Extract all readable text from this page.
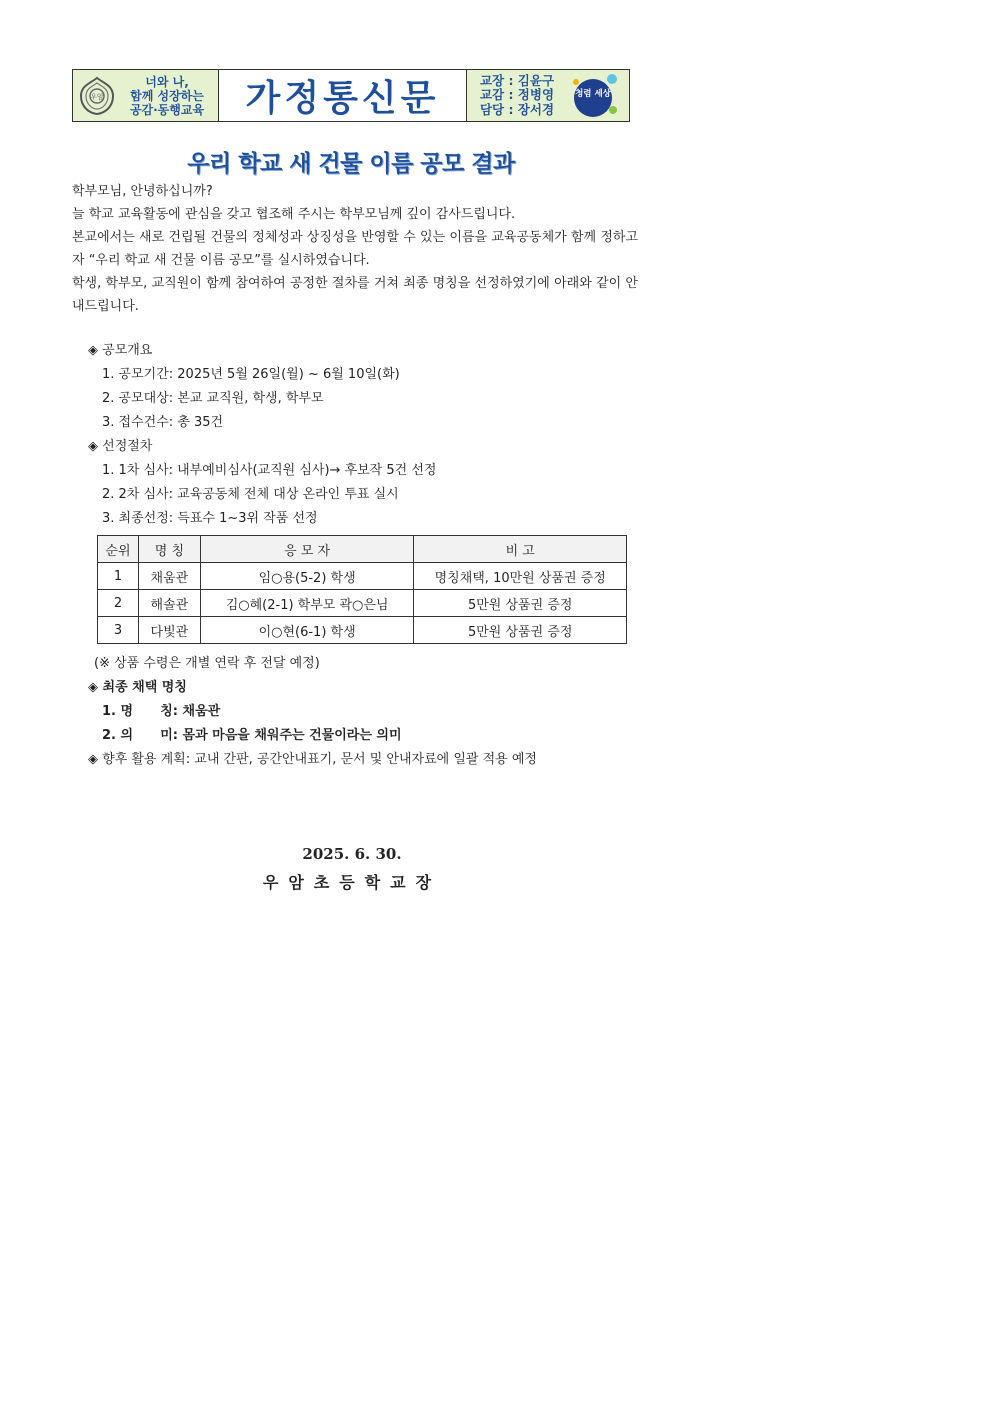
우암
너와 나,
함께 성장하는
공감·동행교육	가정통신문	교장 : 김윤구
교감 : 정병영
담당 : 장서경
청렴 세상
우리 학교 새 건물 이름 공모 결과

학부모님, 안녕하십니까?

늘 학교 교육활동에 관심을 갖고 협조해 주시는 학부모님께 깊이 감사드립니다.

본교에서는 새로 건립될 건물의 정체성과 상징성을 반영할 수 있는 이름을 교육공동체가 함께 정하고자 “우리 학교 새 건물 이름 공모”를 실시하였습니다.

학생, 학부모, 교직원이 함께 참여하여 공정한 절차를 거쳐 최종 명칭을 선정하였기에 아래와 같이 안내드립니다.

◈ 공모개요
1. 공모기간: 2025년 5월 26일(월) ~ 6월 10일(화)
2. 공모대상: 본교 교직원, 학생, 학부모
3. 접수건수: 총 35건
◈ 선정절차
1. 1차 심사: 내부예비심사(교직원 심사)→ 후보작 5건 선정
2. 2차 심사: 교육공동체 전체 대상 온라인 투표 실시
3. 최종선정: 득표수 1~3위 작품 선정
순위	명 칭	응 모 자	비 고
1	채움관	임○용(5-2) 학생	명칭채택, 10만원 상품권 증정
2	해솔관	김○혜(2-1) 학부모 곽○은님	5만원 상품권 증정
3	다빛관	이○현(6-1) 학생	5만원 상품권 증정
(※ 상품 수령은 개별 연락 후 전달 예정)
◈ 최종 채택 명칭
1. 명      칭: 채움관
2. 의      미: 몸과 마음을 채워주는 건물이라는 의미
◈ 향후 활용 계획: 교내 간판, 공간안내표기, 문서 및 안내자료에 일괄 적용 예정
2025. 6. 30.
우암초등학교장
